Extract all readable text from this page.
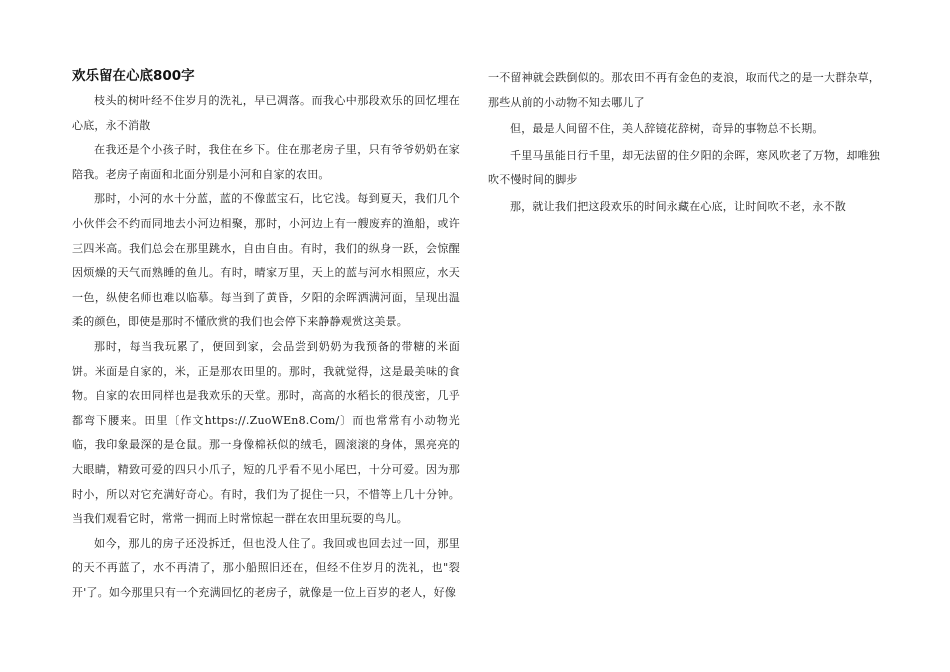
欢乐留在心底800字

枝头的树叶经不住岁月的洗礼，早已凋落。而我心中那段欢乐的回忆埋在心底，永不消散

在我还是个小孩子时，我住在乡下。住在那老房子里，只有爷爷奶奶在家陪我。老房子南面和北面分别是小河和自家的农田。

那时，小河的水十分蓝，蓝的不像蓝宝石，比它浅。每到夏天，我们几个小伙伴会不约而同地去小河边相聚，那时，小河边上有一艘废弃的渔船，或许三四米高。我们总会在那里跳水，自由自由。有时，我们的纵身一跃，会惊醒因烦燥的天气而熟睡的鱼儿。有时，晴家万里，天上的蓝与河水相照应，水天一色，纵使名师也难以临摹。每当到了黄昏，夕阳的余晖洒满河面，呈现出温柔的颜色，即使是那时不懂欣赏的我们也会停下来静静观赏这美景。

那时，每当我玩累了，便回到家，会品尝到奶奶为我预备的带糖的米面饼。米面是自家的，米，正是那农田里的。那时，我就觉得，这是最美味的食物。自家的农田同样也是我欢乐的天堂。那时，高高的水稻长的很茂密，几乎都弯下腰来。田里〔作文https://.ZuoWEn8.Com/〕而也常常有小动物光临，我印象最深的是仓鼠。那一身像棉袄似的绒毛，圆滚滚的身体，黑亮亮的大眼睛，精致可爱的四只小爪子，短的几乎看不见小尾巴，十分可爱。因为那时小，所以对它充满好奇心。有时，我们为了捉住一只，不惜等上几十分钟。当我们观看它时，常常一拥而上时常惊起一群在农田里玩耍的鸟儿。

如今，那儿的房子还没拆迁，但也没人住了。我回或也回去过一回，那里的天不再蓝了，水不再清了，那小船照旧还在，但经不住岁月的洗礼，也"裂开'了。如今那里只有一个充满回忆的老房子，就像是一位上百岁的老人，好像

一不留神就会跌倒似的。那农田不再有金色的麦浪，取而代之的是一大群杂草，那些从前的小动物不知去哪儿了

但，最是人间留不住，美人辞镜花辞树，奇异的事物总不长期。

千里马虽能日行千里，却无法留的住夕阳的余晖，寒风吹老了万物，却唯独吹不慢时间的脚步

那，就让我们把这段欢乐的时间永藏在心底，让时间吹不老，永不散
